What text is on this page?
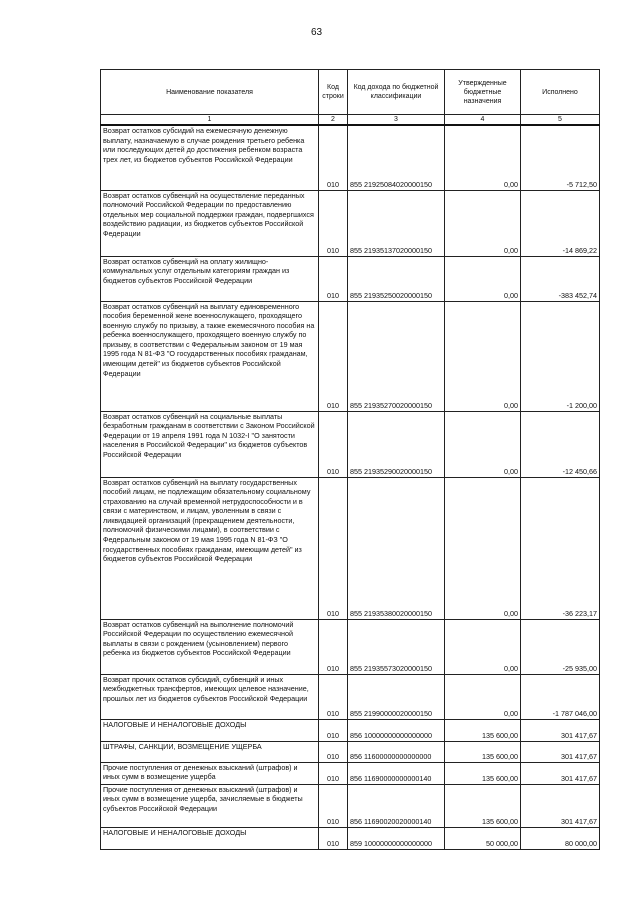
63
Наименование показателя	Код строки	Код дохода по бюджетной классификации	Утвержденные бюджетные назначения	Исполнено
1	2	3	4	5
Возврат остатков субсидий на ежемесячную денежную выплату, назначаемую в случае рождения третьего ребенка или последующих детей до достижения ребенком возраста трех лет, из бюджетов субъектов Российской Федерации	010	855 21925084020000150	0,00	-5 712,50
Возврат остатков субвенций на осуществление переданных полномочий Российской Федерации по предоставлению отдельных мер социальной поддержки граждан, подвергшихся воздействию радиации, из бюджетов субъектов Российской Федерации	010	855 21935137020000150	0,00	-14 869,22
Возврат остатков субвенций на оплату жилищно-коммунальных услуг отдельным категориям граждан из бюджетов субъектов Российской Федерации	010	855 21935250020000150	0,00	-383 452,74
Возврат остатков субвенций на выплату единовременного пособия беременной жене военнослужащего, проходящего военную службу по призыву, а также ежемесячного пособия на ребенка военнослужащего, проходящего военную службу по призыву, в соответствии с Федеральным законом от 19 мая 1995 года N 81-ФЗ "О государственных пособиях гражданам, имеющим детей" из бюджетов субъектов Российской Федерации	010	855 21935270020000150	0,00	-1 200,00
Возврат остатков субвенций на социальные выплаты безработным гражданам в соответствии с Законом Российской Федерации от 19 апреля 1991 года N 1032-I "О занятости населения в Российской Федерации" из бюджетов субъектов Российской Федерации	010	855 21935290020000150	0,00	-12 450,66
Возврат остатков субвенций на выплату государственных пособий лицам, не подлежащим обязательному социальному страхованию на случай временной нетрудоспособности и в связи с материнством, и лицам, уволенным в связи с ликвидацией организаций (прекращением деятельности, полномочий физическими лицами), в соответствии с Федеральным законом от 19 мая 1995 года N 81-ФЗ "О государственных пособиях гражданам, имеющим детей" из бюджетов субъектов Российской Федерации	010	855 21935380020000150	0,00	-36 223,17
Возврат остатков субвенций на выполнение полномочий Российской Федерации по осуществлению ежемесячной выплаты в связи с рождением (усыновлением) первого ребенка из бюджетов субъектов Российской Федерации	010	855 21935573020000150	0,00	-25 935,00
Возврат прочих остатков субсидий, субвенций и иных межбюджетных трансфертов, имеющих целевое назначение, прошлых лет из бюджетов субъектов Российской Федерации	010	855 21990000020000150	0,00	-1 787 046,00
НАЛОГОВЫЕ И НЕНАЛОГОВЫЕ ДОХОДЫ	010	856 10000000000000000	135 600,00	301 417,67
ШТРАФЫ, САНКЦИИ, ВОЗМЕЩЕНИЕ УЩЕРБА	010	856 11600000000000000	135 600,00	301 417,67
Прочие поступления от денежных взысканий (штрафов) и иных сумм в возмещение ущерба	010	856 11690000000000140	135 600,00	301 417,67
Прочие поступления от денежных взысканий (штрафов) и иных сумм в возмещение ущерба, зачисляемые в бюджеты субъектов Российской Федерации	010	856 11690020020000140	135 600,00	301 417,67
НАЛОГОВЫЕ И НЕНАЛОГОВЫЕ ДОХОДЫ	010	859 10000000000000000	50 000,00	80 000,00
